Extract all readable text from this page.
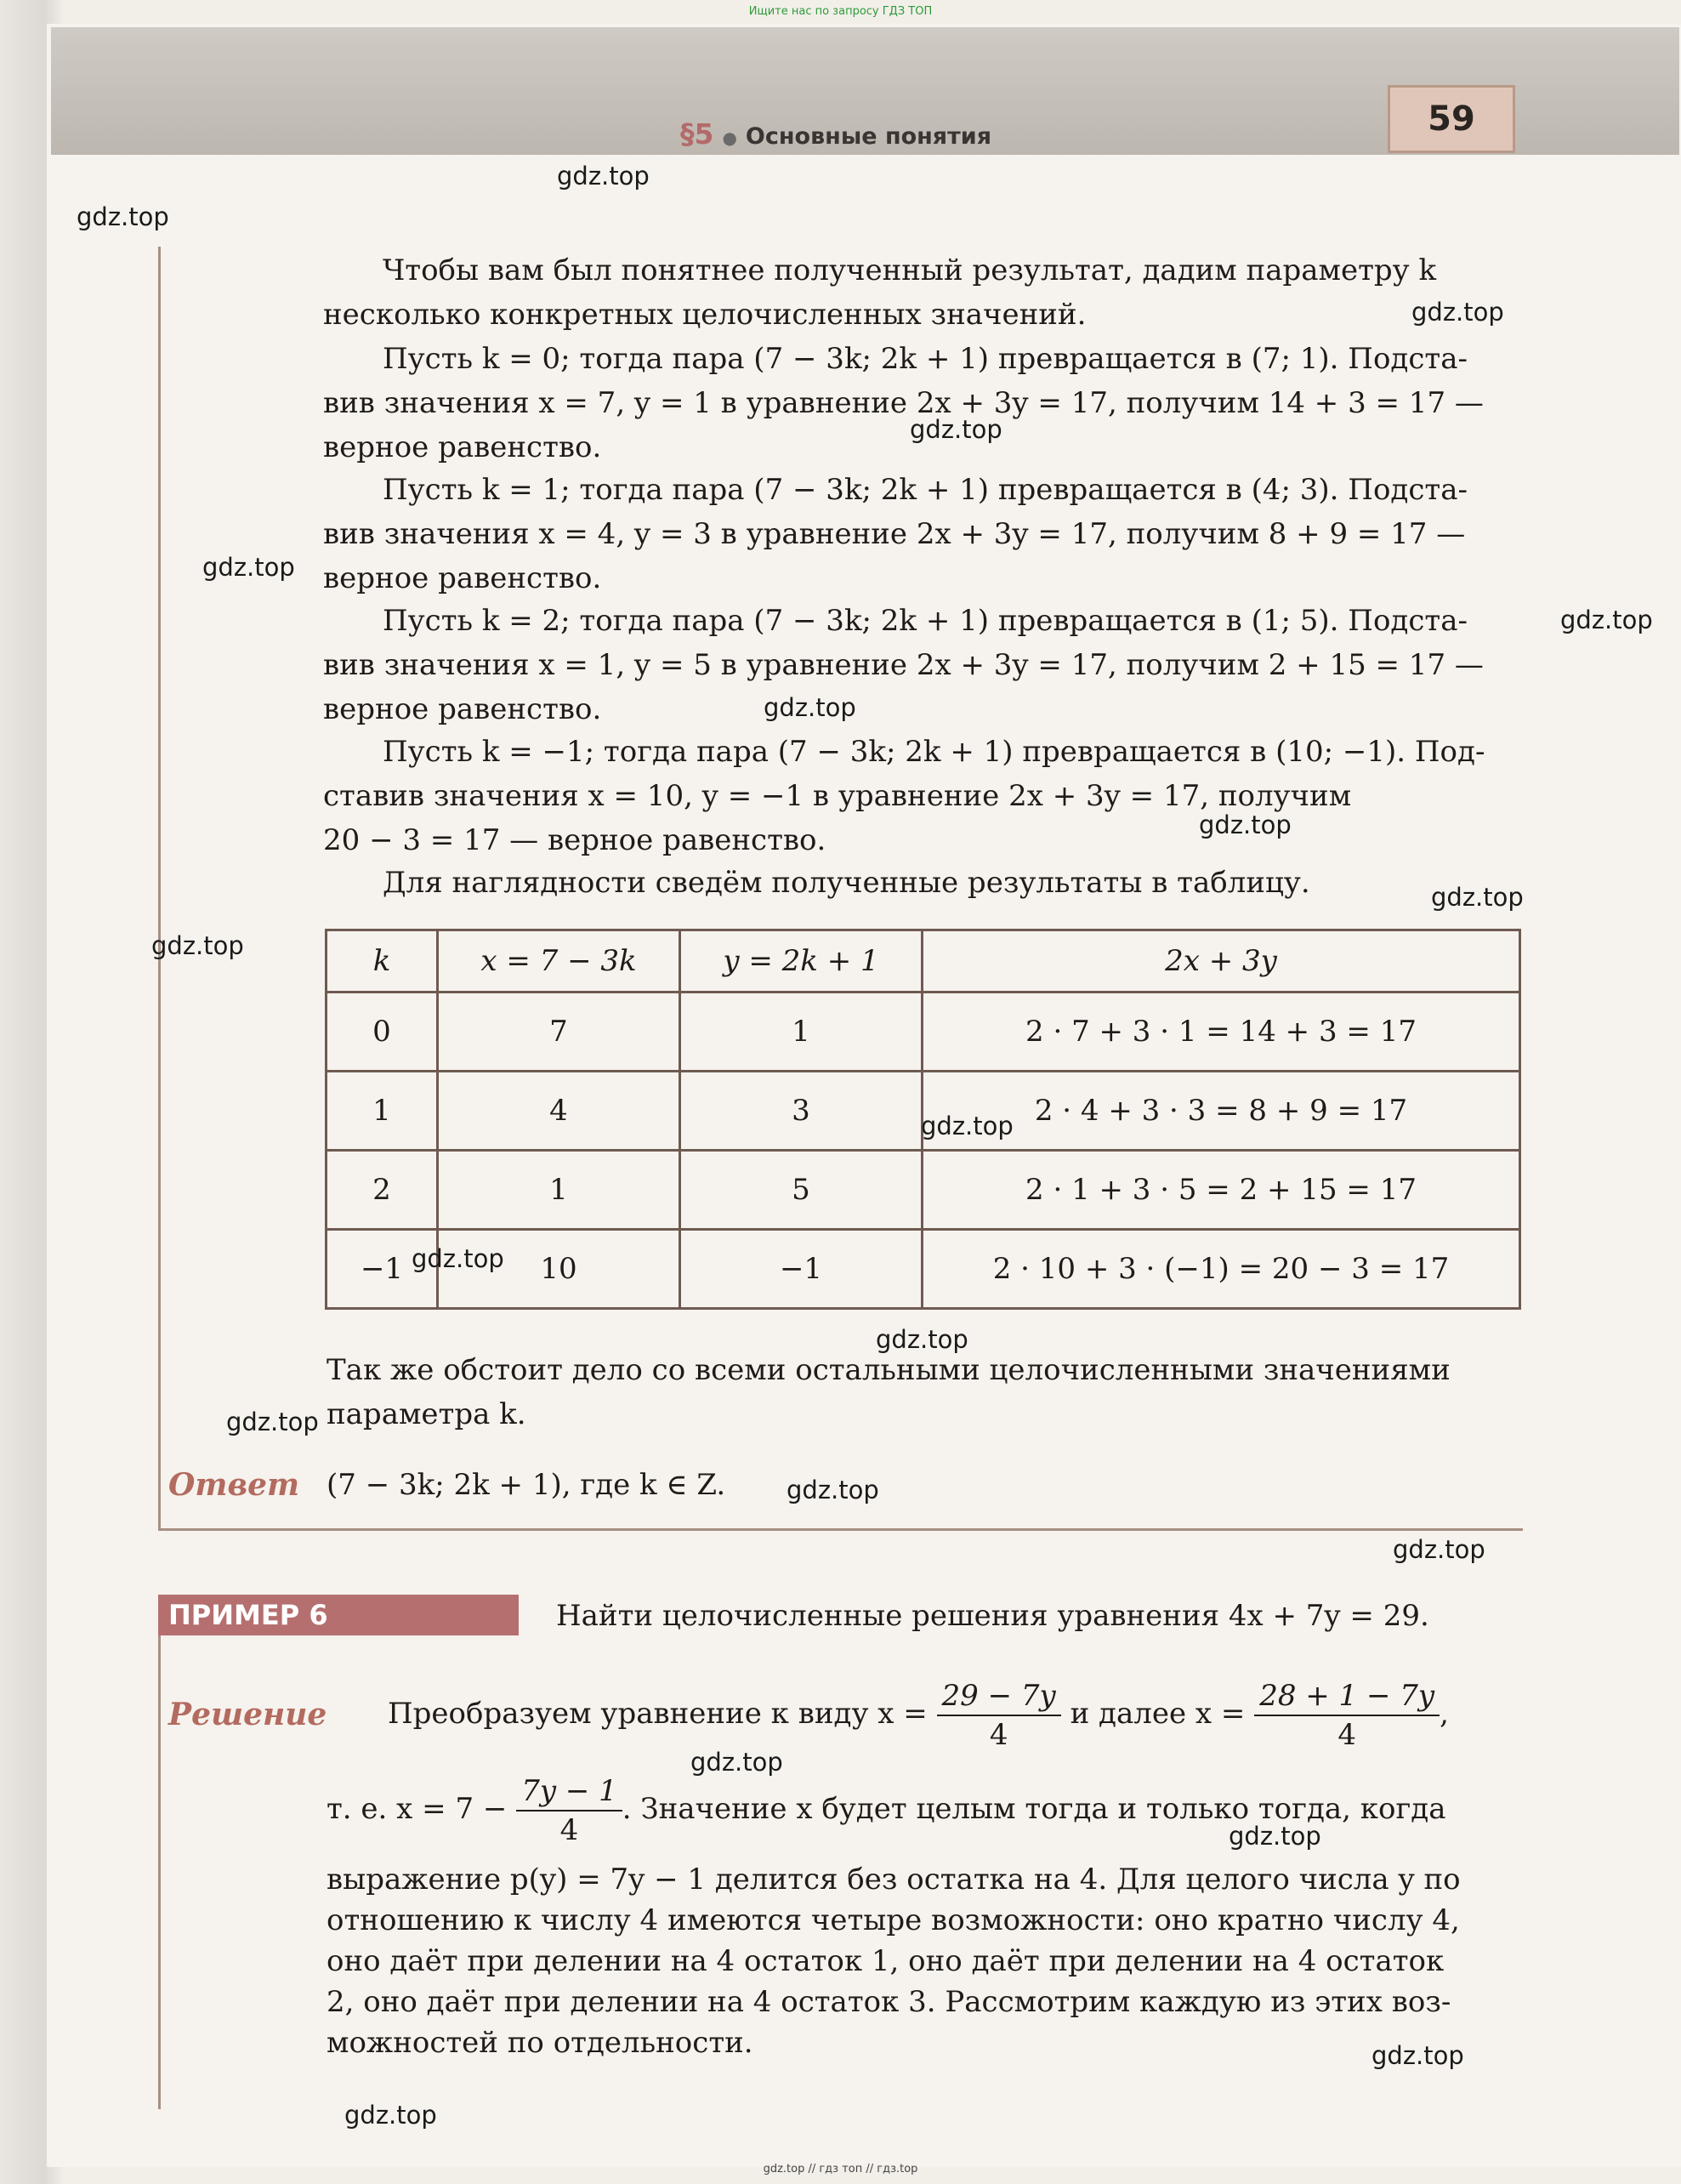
Ищите нас по запросу ГДЗ ТОП
§5 ● Основные понятия	59
Чтобы вам был понятнее полученный результат, дадим параметру k
несколько конкретных целочисленных значений.
Пусть k = 0; тогда пара (7 − 3k; 2k + 1) превращается в (7; 1). Подста-
вив значения x = 7, y = 1 в уравнение 2x + 3y = 17, получим 14 + 3 = 17 —
верное равенство.
Пусть k = 1; тогда пара (7 − 3k; 2k + 1) превращается в (4; 3). Подста-
вив значения x = 4, y = 3 в уравнение 2x + 3y = 17, получим 8 + 9 = 17 —
верное равенство.
Пусть k = 2; тогда пара (7 − 3k; 2k + 1) превращается в (1; 5). Подста-
вив значения x = 1, y = 5 в уравнение 2x + 3y = 17, получим 2 + 15 = 17 —
верное равенство.
Пусть k = −1; тогда пара (7 − 3k; 2k + 1) превращается в (10; −1). Под-
ставив значения x = 10, y = −1 в уравнение 2x + 3y = 17, получим
20 − 3 = 17 — верное равенство.
Для наглядности сведём полученные результаты в таблицу.
k	x = 7 − 3k	y = 2k + 1	2x + 3y
0	7	1	2 · 7 + 3 · 1 = 14 + 3 = 17
1	4	3	2 · 4 + 3 · 3 = 8 + 9 = 17
2	1	5	2 · 1 + 3 · 5 = 2 + 15 = 17
−1	10	−1	2 · 10 + 3 · (−1) = 20 − 3 = 17
Так же обстоит дело со всеми остальными целочисленными значениями
параметра k.
Ответ (7 − 3k; 2k + 1), где k ∈ Z.
ПРИМЕР 6	Найти целочисленные решения уравнения 4x + 7y = 29.
Решение Преобразуем уравнение к виду $x = \frac{29 - 7y}{4}$ и далее $x = \frac{28 + 1 - 7y}{4}$ ,
т. е. $x = 7 - \frac{7y - 1}{4}$ . Значение x будет целым тогда и только тогда, когда
выражение p(y) = 7y − 1 делится без остатка на 4. Для целого числа y по
отношению к числу 4 имеются четыре возможности: оно кратно числу 4,
оно даёт при делении на 4 остаток 1, оно даёт при делении на 4 остаток
2, оно даёт при делении на 4 остаток 3. Рассмотрим каждую из этих воз-
можностей по отдельности.
gdz.top
gdz.top
gdz.top
gdz.top
gdz.top
gdz.top
gdz.top
gdz.top
gdz.top
gdz.top
gdz.top
gdz.top
gdz.top
gdz.top
gdz.top
gdz.top
gdz.top
gdz.top
gdz.top
gdz.top
gdz.top // гдз топ // гдз.top
